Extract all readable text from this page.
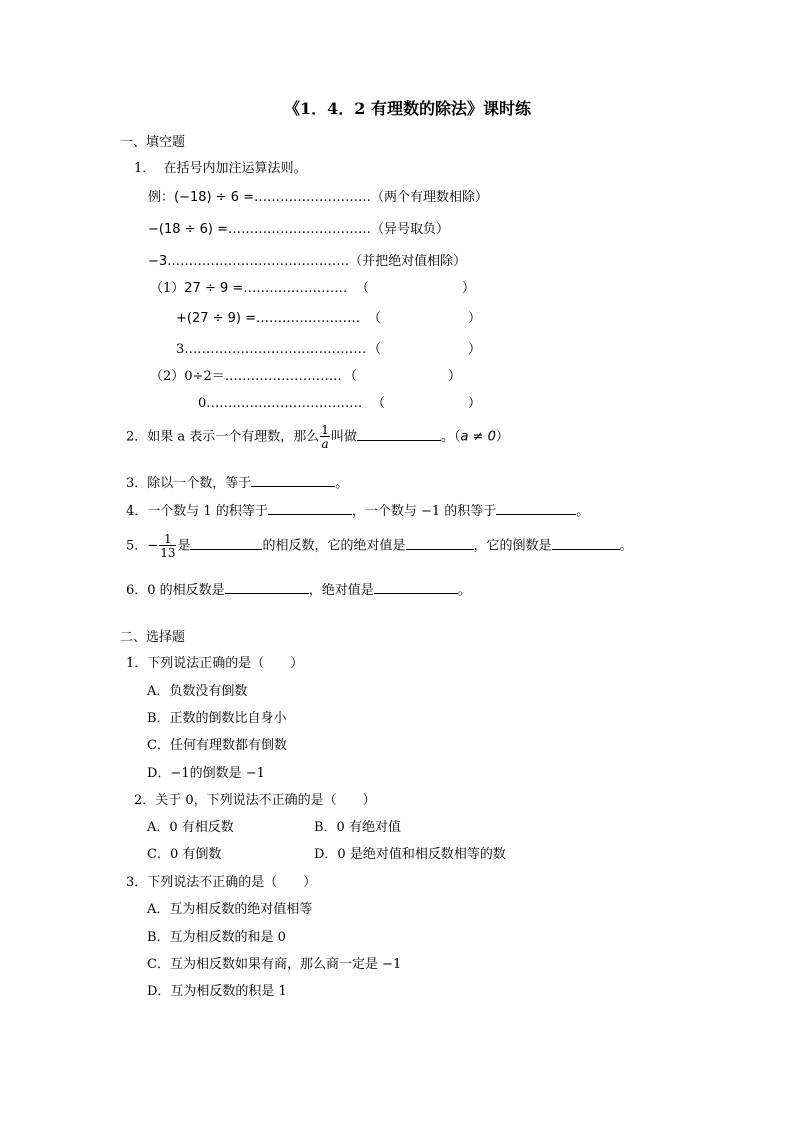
《1．4．2 有理数的除法》课时练
一、填空题
1． 在括号内加注运算法则。
例：(−18) ÷ 6 =………………………（两个有理数相除）
−(18 ÷ 6) =……………………………（异号取负）
−3……………………………………（并把绝对值相除）
（1）27 ÷ 9 =…………………… （	）
+(27 ÷ 9) =…………………… （	）
3…………………………………… （	）
（2）0÷2＝……………………… （	）
0……………………………… （	）
2．如果 a 表示一个有理数，那么 $\frac{1}{a}$ 叫做	。（a ≠ 0）
3．除以一个数，等于	。
4．一个数与 1 的积等于	，一个数与 −1 的积等于	。
5．− $\frac{1}{13}$ 是	的相反数，它的绝对值是	，它的倒数是	。
6．0 的相反数是	，绝对值是	。
二、选择题
1．下列说法正确的是（　　）
A．负数没有倒数
B．正数的倒数比自身小
C．任何有理数都有倒数
D．−1的倒数是 −1
2．关于 0，下列说法不正确的是（　　）
A．0 有相反数	B．0 有绝对值
C．0 有倒数	D．0 是绝对值和相反数相等的数
3．下列说法不正确的是（　　）
A．互为相反数的绝对值相等
B．互为相反数的和是 0
C．互为相反数如果有商，那么商一定是 −1
D．互为相反数的积是 1
